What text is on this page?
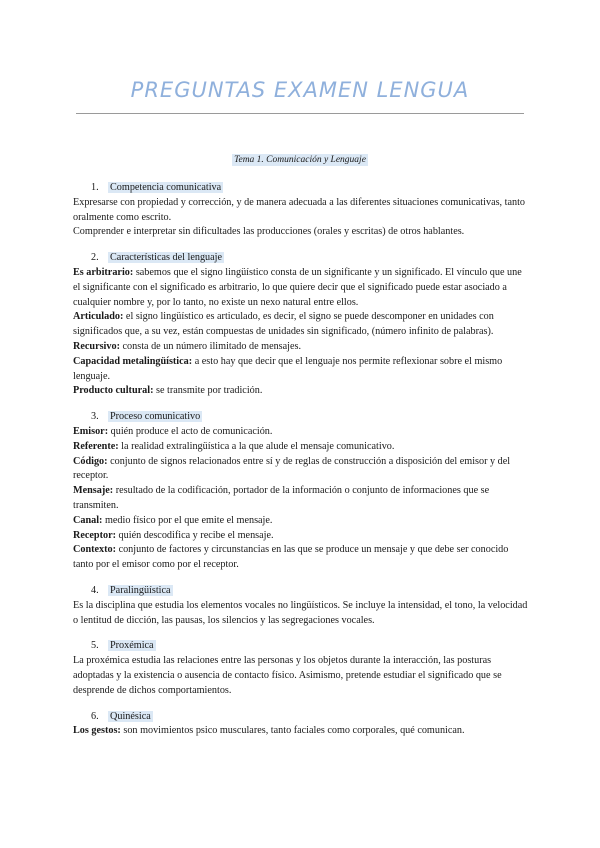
PREGUNTAS EXAMEN LENGUA
Tema 1. Comunicación y Lenguaje

1. Competencia comunicativa

Expresarse con propiedad y corrección, y de manera adecuada a las diferentes situaciones comunicativas, tanto oralmente como escrito.

Comprender e interpretar sin dificultades las producciones (orales y escritas) de otros hablantes.

2. Características del lenguaje

Es arbitrario: sabemos que el signo lingüístico consta de un significante y un significado. El vínculo que une el significante con el significado es arbitrario, lo que quiere decir que el significado puede estar asociado a cualquier nombre y, por lo tanto, no existe un nexo natural entre ellos.

Articulado: el signo lingüístico es articulado, es decir, el signo se puede descomponer en unidades con significados que, a su vez, están compuestas de unidades sin significado, (número infinito de palabras).

Recursivo: consta de un número ilimitado de mensajes.

Capacidad metalingüística: a esto hay que decir que el lenguaje nos permite reflexionar sobre el mismo lenguaje.

Producto cultural: se transmite por tradición.

3. Proceso comunicativo

Emisor: quién produce el acto de comunicación.

Referente: la realidad extralingüística a la que alude el mensaje comunicativo.

Código: conjunto de signos relacionados entre sí y de reglas de construcción a disposición del emisor y del receptor.

Mensaje: resultado de la codificación, portador de la información o conjunto de informaciones que se transmiten.

Canal: medio físico por el que emite el mensaje.

Receptor: quién descodifica y recibe el mensaje.

Contexto: conjunto de factores y circunstancias en las que se produce un mensaje y que debe ser conocido tanto por el emisor como por el receptor.

4. Paralingüística

Es la disciplina que estudia los elementos vocales no lingüísticos. Se incluye la intensidad, el tono, la velocidad o lentitud de dicción, las pausas, los silencios y las segregaciones vocales.

5. Proxémica

La proxémica estudia las relaciones entre las personas y los objetos durante la interacción, las posturas adoptadas y la existencia o ausencia de contacto físico. Asimismo, pretende estudiar el significado que se desprende de dichos comportamientos.

6. Quinésica

Los gestos: son movimientos psico musculares, tanto faciales como corporales, qué comunican.
